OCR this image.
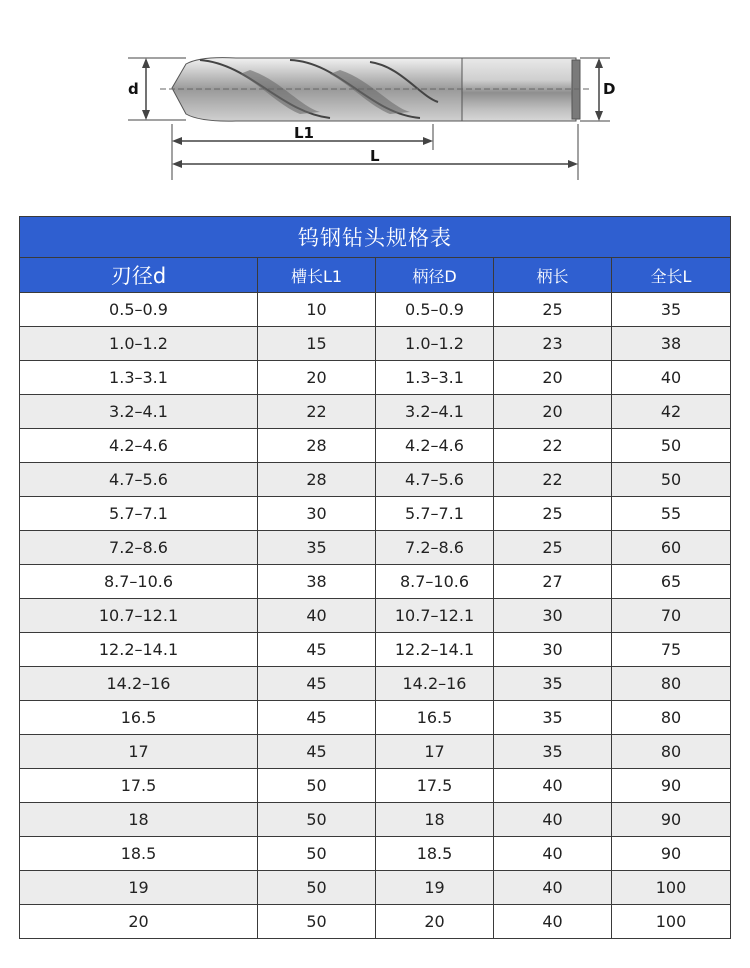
d	D
L1
L
钨钢钻头规格表				
刃径d	槽长L1	柄径D	柄长	全长L
0.5–0.9	10	0.5–0.9	25	35
1.0–1.2	15	1.0–1.2	23	38
1.3–3.1	20	1.3–3.1	20	40
3.2–4.1	22	3.2–4.1	20	42
4.2–4.6	28	4.2–4.6	22	50
4.7–5.6	28	4.7–5.6	22	50
5.7–7.1	30	5.7–7.1	25	55
7.2–8.6	35	7.2–8.6	25	60
8.7–10.6	38	8.7–10.6	27	65
10.7–12.1	40	10.7–12.1	30	70
12.2–14.1	45	12.2–14.1	30	75
14.2–16	45	14.2–16	35	80
16.5	45	16.5	35	80
17	45	17	35	80
17.5	50	17.5	40	90
18	50	18	40	90
18.5	50	18.5	40	90
19	50	19	40	100
20	50	20	40	100
